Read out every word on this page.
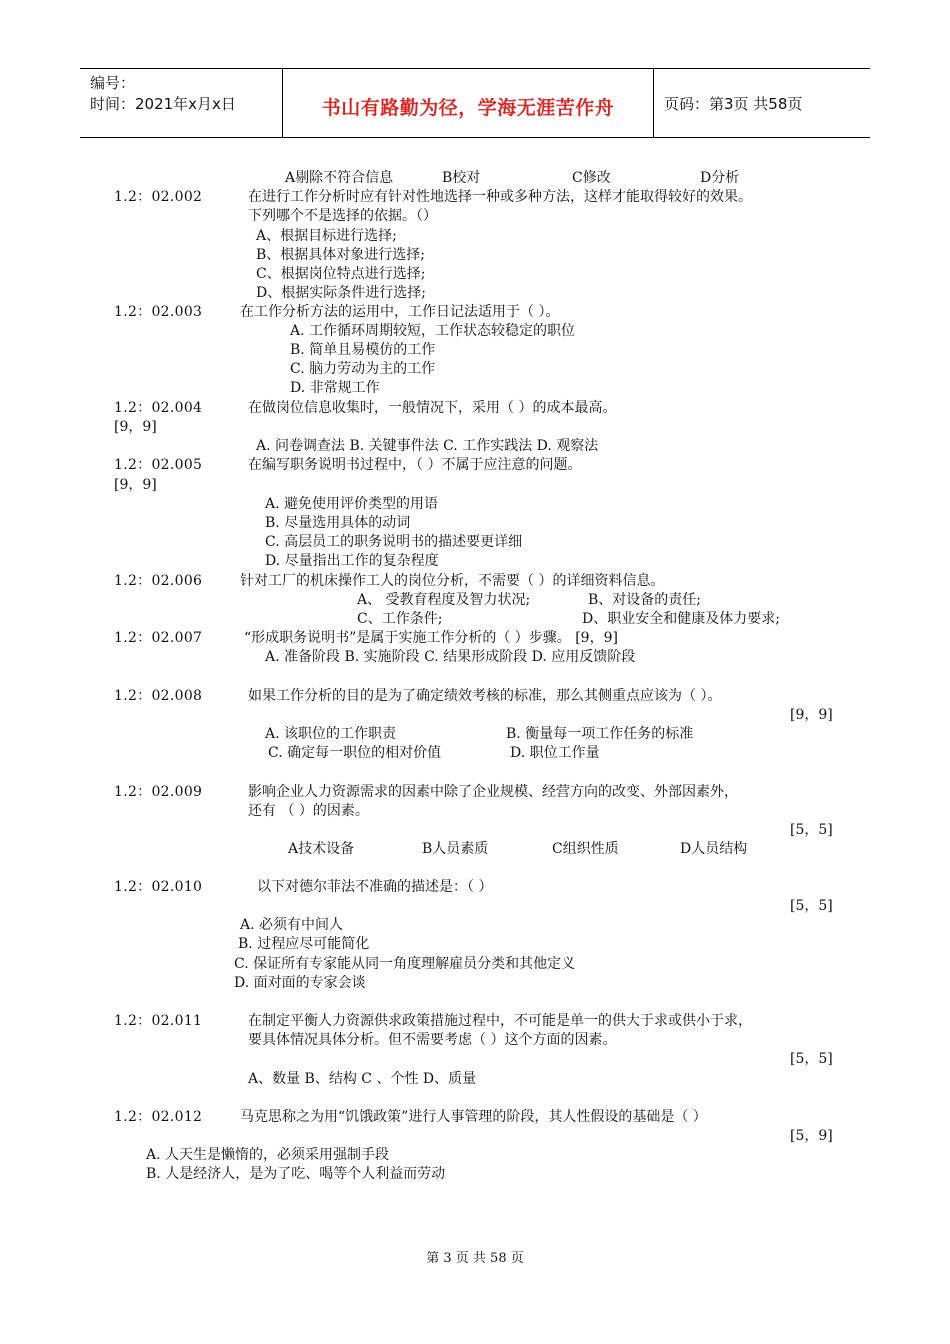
编号：
时间：2021年x月x日	书山有路勤为径，学海无涯苦作舟	页码：第3页 共58页
A剔除不符合信息	B校对	C修改	D分析
1.2：02.002	在进行工作分析时应有针对性地选择一种或多种方法，这样才能取得较好的效果。
下列哪个不是选择的依据。（）
A、根据目标进行选择;
B、根据具体对象进行选择;
C、根据岗位特点进行选择;
D、根据实际条件进行选择;
1.2：02.003	在工作分析方法的运用中，工作日记法适用于（ ）。
A. 工作循环周期较短，工作状态较稳定的职位
B. 简单且易模仿的工作
C. 脑力劳动为主的工作
D. 非常规工作
1.2：02.004	在做岗位信息收集时，一般情况下，采用（ ）的成本最高。
[9，9]
A. 问卷调查法 B. 关键事件法 C. 工作实践法 D. 观察法
1.2：02.005	在编写职务说明书过程中，（ ）不属于应注意的问题。
[9，9]
A. 避免使用评价类型的用语
B. 尽量选用具体的动词
C. 高层员工的职务说明书的描述要更详细
D. 尽量指出工作的复杂程度
1.2：02.006	针对工厂的机床操作工人的岗位分析，不需要（ ）的详细资料信息。
A、 受教育程度及智力状况;	B、对设备的责任;
C、工作条件;	D、职业安全和健康及体力要求;
1.2：02.007	“形成职务说明书”是属于实施工作分析的（ ）步骤。 [9，9]
A. 准备阶段 B. 实施阶段 C. 结果形成阶段 D. 应用反馈阶段
1.2：02.008	如果工作分析的目的是为了确定绩效考核的标准，那么其侧重点应该为（ ）。
[9，9]
A. 该职位的工作职责	B. 衡量每一项工作任务的标准
C. 确定每一职位的相对价值	D. 职位工作量
1.2：02.009	影响企业人力资源需求的因素中除了企业规模、经营方向的改变、外部因素外，
还有 （ ）的因素。
[5，5]
A技术设备	B人员素质	C组织性质	D人员结构
1.2：02.010	以下对德尔菲法不准确的描述是：（ ）
[5，5]
A. 必须有中间人
B. 过程应尽可能简化
C. 保证所有专家能从同一角度理解雇员分类和其他定义
D. 面对面的专家会谈
1.2：02.011	在制定平衡人力资源供求政策措施过程中，不可能是单一的供大于求或供小于求，
要具体情况具体分析。但不需要考虑（ ）这个方面的因素。
[5，5]
A、数量 B、结构 C 、个性 D、质量
1.2：02.012	马克思称之为用“饥饿政策”进行人事管理的阶段，其人性假设的基础是（ ）
[5，9]
A. 人天生是懒惰的，必须采用强制手段
B. 人是经济人，是为了吃、喝等个人利益而劳动
第 3 页 共 58 页
